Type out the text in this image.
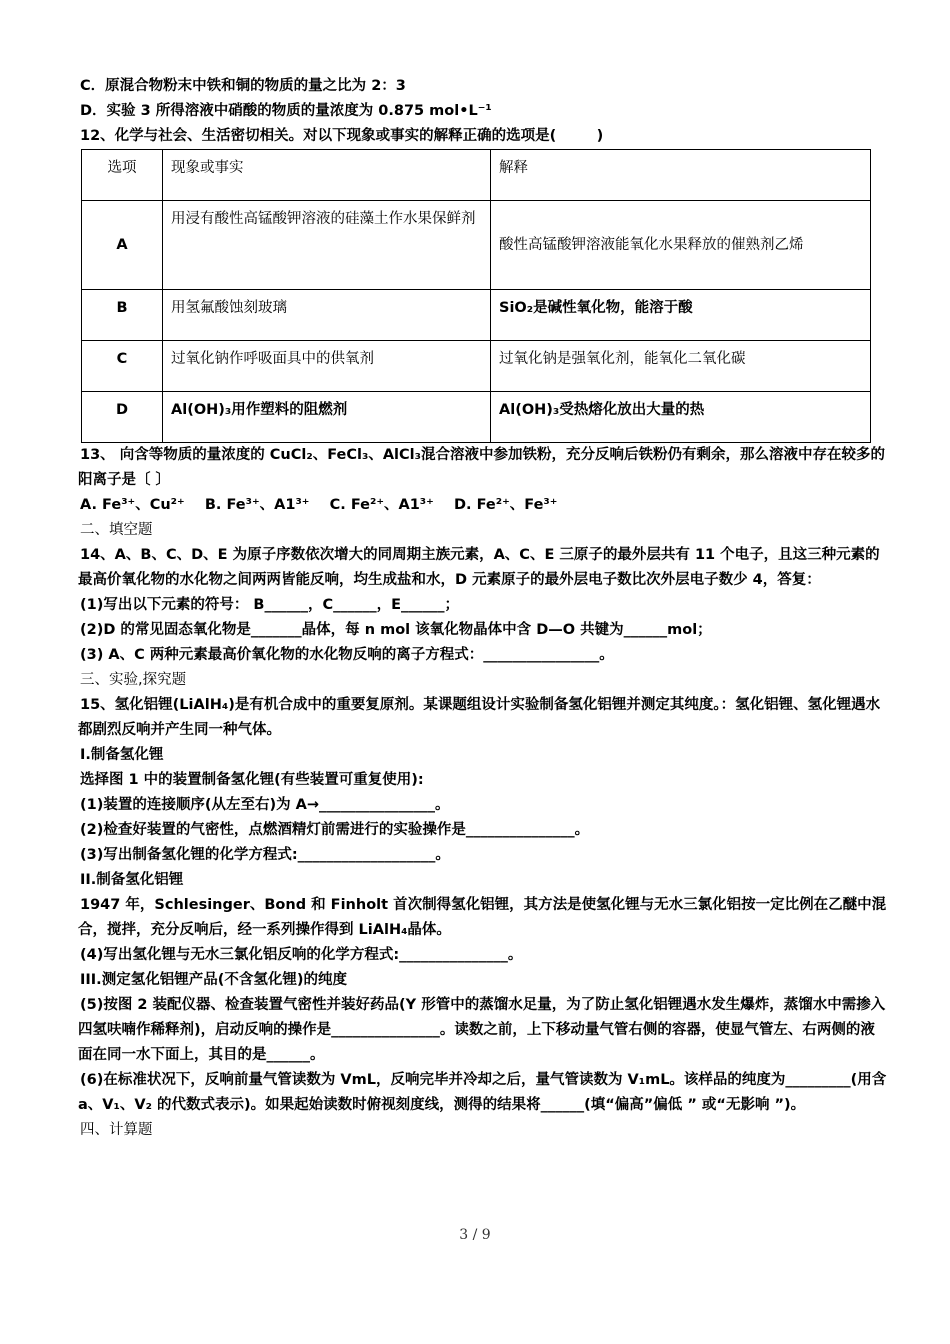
C．原混合物粉末中铁和铜的物质的量之比为 2：3
D．实验 3 所得溶液中硝酸的物质的量浓度为 0.875 mol•L⁻¹
12、化学与社会、生活密切相关。对以下现象或事实的解释正确的选项是(        )
选项	现象或事实	解释
A	用浸有酸性高锰酸钾溶液的硅藻土作水果保鲜剂	酸性高锰酸钾溶液能氧化水果释放的催熟剂乙烯
B	用氢氟酸蚀刻玻璃	SiO₂是碱性氧化物，能溶于酸
C	过氧化钠作呼吸面具中的供氧剂	过氧化钠是强氧化剂，能氧化二氧化碳
D	Al(OH)₃用作塑料的阻燃剂	Al(OH)₃受热熔化放出大量的热
13、 向含等物质的量浓度的 CuCl₂、FeCl₃、AlCl₃混合溶液中参加铁粉，充分反响后铁粉仍有剩余，那么溶液中存在较多的阳离子是〔 〕
A. Fe³⁺、Cu²⁺    B. Fe³⁺、A1³⁺    C. Fe²⁺、A1³⁺    D. Fe²⁺、Fe³⁺
二、填空题
14、A、B、C、D、E 为原子序数依次增大的同周期主族元素，A、C、E 三原子的最外层共有 11 个电子，且这三种元素的最高价氧化物的水化物之间两两皆能反响，均生成盐和水，D 元素原子的最外层电子数比次外层电子数少 4，答复：
(1)写出以下元素的符号： B______，C______，E______；
(2)D 的常见固态氧化物是_______晶体，每 n mol 该氧化物晶体中含 D—O 共键为______mol；
(3) A、C 两种元素最高价氧化物的水化物反响的离子方程式：________________。
三、实验,探究题
15、氢化铝锂(LiAlH₄)是有机合成中的重要复原剂。某课题组设计实验制备氢化铝锂并测定其纯度。：氢化铝锂、氢化锂遇水都剧烈反响并产生同一种气体。
I.制备氢化锂
选择图 1 中的装置制备氢化锂(有些装置可重复使用):
(1)装置的连接顺序(从左至右)为 A→________________。
(2)检查好装置的气密性，点燃酒精灯前需进行的实验操作是_______________。
(3)写出制备氢化锂的化学方程式:___________________。
II.制备氢化铝锂
1947 年，Schlesinger、Bond 和 Finholt 首次制得氢化铝锂，其方法是使氢化锂与无水三氯化铝按一定比例在乙醚中混合，搅拌，充分反响后，经一系列操作得到 LiAlH₄晶体。
(4)写出氢化锂与无水三氯化铝反响的化学方程式:_______________。
III.测定氢化铝锂产品(不含氢化锂)的纯度
(5)按图 2 装配仪器、检查装置气密性并装好药品(Y 形管中的蒸馏水足量，为了防止氢化铝锂遇水发生爆炸，蒸馏水中需掺入四氢呋喃作稀释剂)，启动反响的操作是_______________。读数之前，上下移动量气管右侧的容器，使显气管左、右两侧的液面在同一水下面上，其目的是______。
(6)在标准状况下，反响前量气管读数为 VmL，反响完毕并冷却之后，量气管读数为 V₁mL。该样品的纯度为_________(用含 a、V₁、V₂ 的代数式表示)。如果起始读数时俯视刻度线，测得的结果将______(填“偏高”偏低 ” 或“无影响 ”)。
四、计算题
3 / 9
